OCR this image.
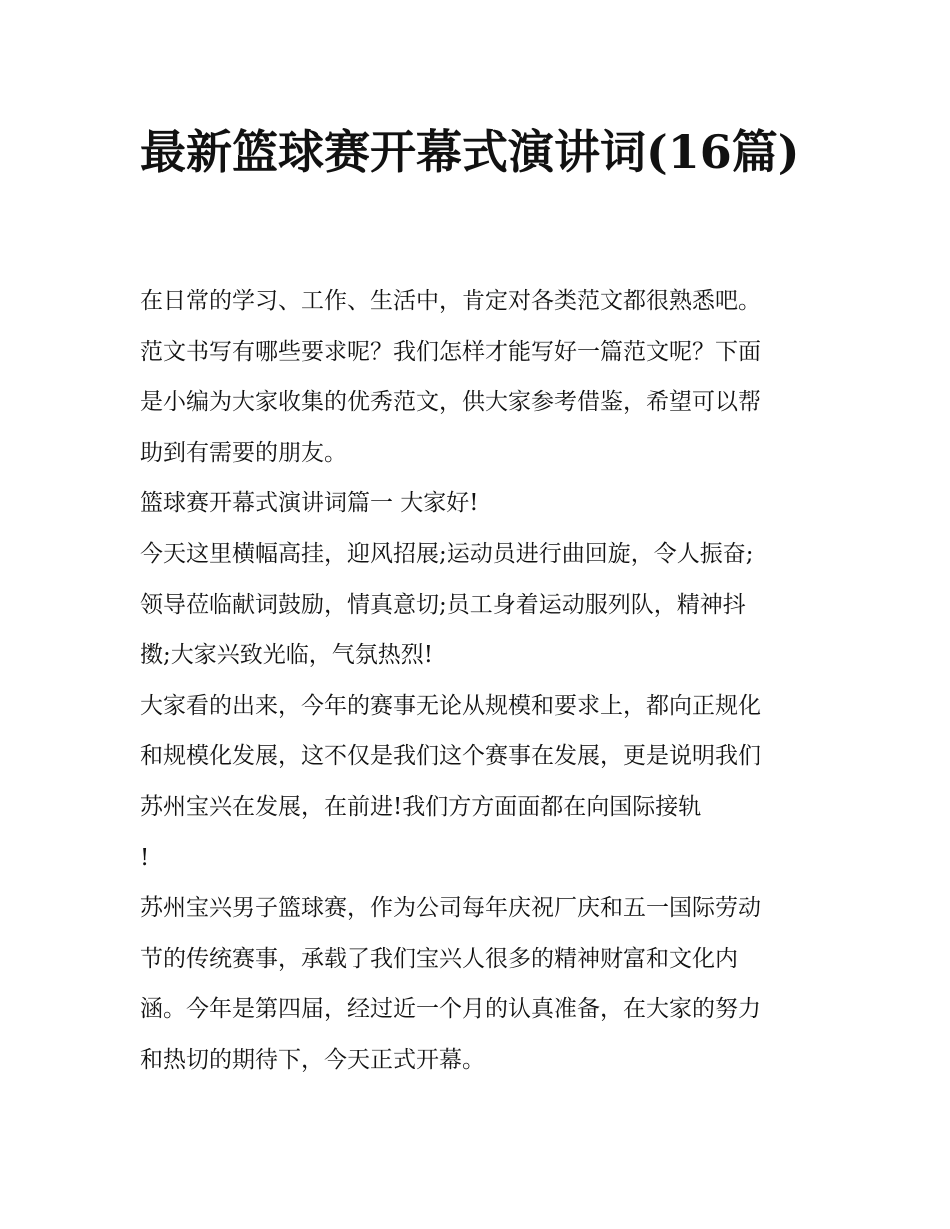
最新篮球赛开幕式演讲词(16篇)

在日常的学习、工作、生活中，肯定对各类范文都很熟悉吧。
范文书写有哪些要求呢？我们怎样才能写好一篇范文呢？下面
是小编为大家收集的优秀范文，供大家参考借鉴，希望可以帮
助到有需要的朋友。

篮球赛开幕式演讲词篇一 大家好!

今天这里横幅高挂，迎风招展;运动员进行曲回旋，令人振奋;
领导莅临献词鼓励，情真意切;员工身着运动服列队，精神抖
擞;大家兴致光临，气氛热烈!

大家看的出来，今年的赛事无论从规模和要求上，都向正规化
和规模化发展，这不仅是我们这个赛事在发展，更是说明我们
苏州宝兴在发展，在前进!我们方方面面都在向国际接轨
!

苏州宝兴男子篮球赛，作为公司每年庆祝厂庆和五一国际劳动
节的传统赛事，承载了我们宝兴人很多的精神财富和文化内
涵。今年是第四届，经过近一个月的认真准备，在大家的努力
和热切的期待下，今天正式开幕。
